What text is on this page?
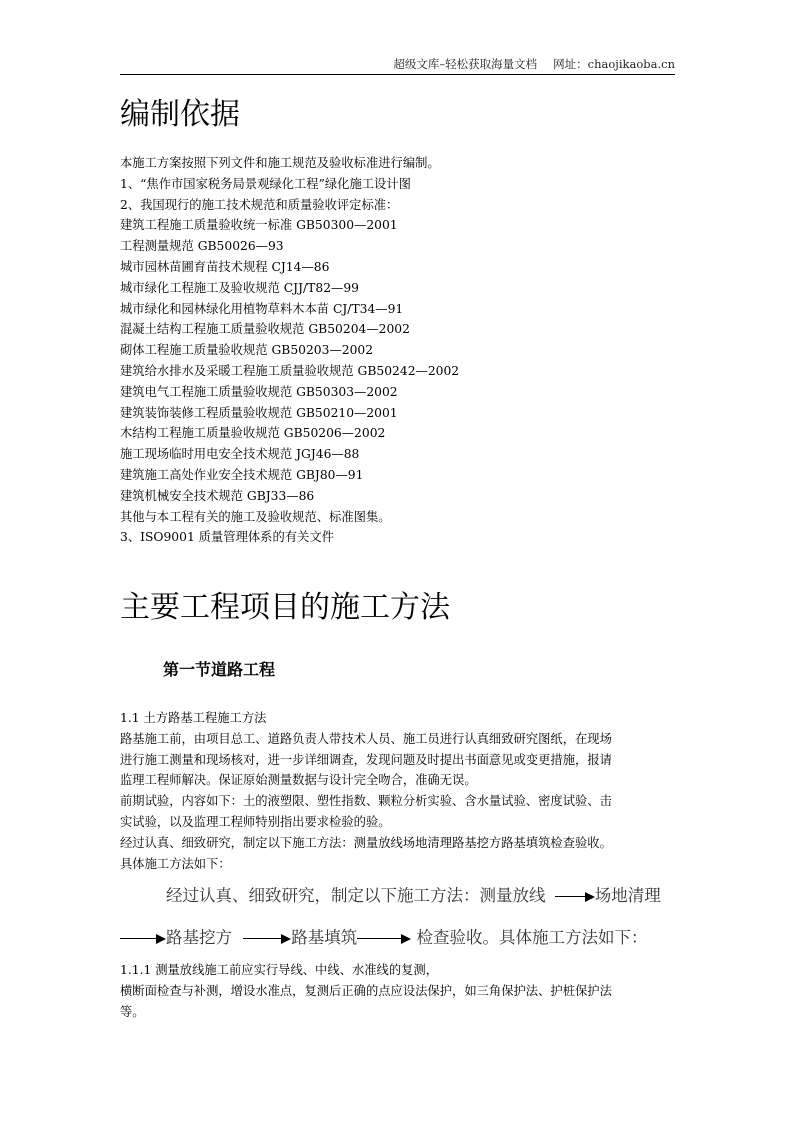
超级文库–轻松获取海量文档 网址：chaojikaoba.cn
编制依据

本施工方案按照下列文件和施工规范及验收标准进行编制。

1、“焦作市国家税务局景观绿化工程”绿化施工设计图

2、我国现行的施工技术规范和质量验收评定标准：

建筑工程施工质量验收统一标准 GB50300—2001

工程测量规范 GB50026—93

城市园林苗圃育苗技术规程 CJ14—86

城市绿化工程施工及验收规范 CJJ/T82—99

城市绿化和园林绿化用植物草料木本苗 CJ/T34—91

混凝土结构工程施工质量验收规范 GB50204—2002

砌体工程施工质量验收规范 GB50203—2002

建筑给水排水及采暖工程施工质量验收规范 GB50242—2002

建筑电气工程施工质量验收规范 GB50303—2002

建筑装饰装修工程质量验收规范 GB50210—2001

木结构工程施工质量验收规范 GB50206—2002

施工现场临时用电安全技术规范 JGJ46—88

建筑施工高处作业安全技术规范 GBJ80—91

建筑机械安全技术规范 GBJ33—86

其他与本工程有关的施工及验收规范、标准图集。

3、ISO9001 质量管理体系的有关文件

主要工程项目的施工方法
第一节道路工程

1.1 土方路基工程施工方法

路基施工前，由项目总工、道路负责人带技术人员、施工员进行认真细致研究图纸，在现场

进行施工测量和现场核对，进一步详细调查，发现问题及时提出书面意见或变更措施，报请

监理工程师解决。保证原始测量数据与设计完全吻合，准确无误。

前期试验，内容如下：土的液塑限、塑性指数、颗粒分析实验、含水量试验、密度试验、击

实试验，以及监理工程师特别指出要求检验的验。

经过认真、细致研究，制定以下施工方法：测量放线场地清理路基挖方路基填筑检查验收。

具体施工方法如下：

经过认真、细致研究，制定以下施工方法：测量放线	场地清理
路基挖方	路基填筑	检查验收。具体施工方法如下：

1.1.1 测量放线施工前应实行导线、中线、水准线的复测，

横断面检查与补测，增设水准点，复测后正确的点应设法保护，如三角保护法、护桩保护法

等。
